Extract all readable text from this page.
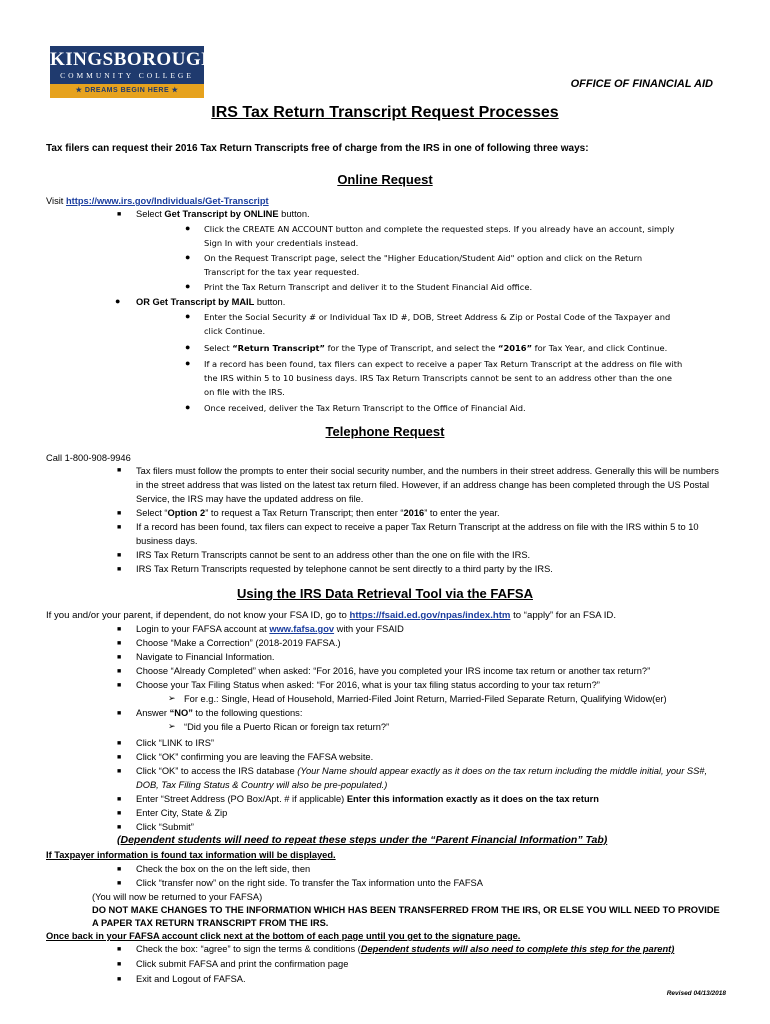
KINGSBOROUGH
COMMUNITY COLLEGE
★ DREAMS BEGIN HERE ★
OFFICE OF FINANCIAL AID
IRS Tax Return Transcript Request Processes
Tax filers can request their 2016 Tax Return Transcripts free of charge from the IRS in one of following three ways:
Online Request
Visit https://www.irs.gov/Individuals/Get-Transcript
■ Select Get Transcript by ONLINE button.
● Click the CREATE AN ACCOUNT button and complete the requested steps. If you already have an account, simply
Sign In with your credentials instead.
● On the Request Transcript page, select the "Higher Education/Student Aid" option and click on the Return
Transcript for the tax year requested.
● Print the Tax Return Transcript and deliver it to the Student Financial Aid office.
● OR Get Transcript by MAIL button.
● Enter the Social Security # or Individual Tax ID #, DOB, Street Address & Zip or Postal Code of the Taxpayer and
click Continue.
● Select “Return Transcript” for the Type of Transcript, and select the “2016” for Tax Year, and click Continue.
● If a record has been found, tax filers can expect to receive a paper Tax Return Transcript at the address on file with
the IRS within 5 to 10 business days. IRS Tax Return Transcripts cannot be sent to an address other than the one
on file with the IRS.
● Once received, deliver the Tax Return Transcript to the Office of Financial Aid.
Telephone Request
Call 1-800-908-9946
■ Tax filers must follow the prompts to enter their social security number, and the numbers in their street address. Generally this will be numbers
in the street address that was listed on the latest tax return filed. However, if an address change has been completed through the US Postal
Service, the IRS may have the updated address on file.
■ Select “Option 2” to request a Tax Return Transcript; then enter “2016” to enter the year.
■ If a record has been found, tax filers can expect to receive a paper Tax Return Transcript at the address on file with the IRS within 5 to 10
business days.
■ IRS Tax Return Transcripts cannot be sent to an address other than the one on file with the IRS.
■ IRS Tax Return Transcripts requested by telephone cannot be sent directly to a third party by the IRS.
Using the IRS Data Retrieval Tool via the FAFSA
If you and/or your parent, if dependent, do not know your FSA ID, go to https://fsaid.ed.gov/npas/index.htm to “apply” for an FSA ID.
■ Login to your FAFSA account at www.fafsa.gov with your FSAID
■ Choose “Make a Correction” (2018-2019 FAFSA.)
■ Navigate to Financial Information.
■ Choose “Already Completed” when asked: “For 2016, have you completed your IRS income tax return or another tax return?”
■ Choose your Tax Filing Status when asked: “For 2016, what is your tax filing status according to your tax return?”
➢ For e.g.: Single, Head of Household, Married-Filed Joint Return, Married-Filed Separate Return, Qualifying Widow(er)
■ Answer “NO” to the following questions:
➢ “Did you file a Puerto Rican or foreign tax return?”
■ Click “LINK to IRS”
■ Click “OK” confirming you are leaving the FAFSA website.
■ Click “OK” to access the IRS database (Your Name should appear exactly as it does on the tax return including the middle initial, your SS#,
DOB, Tax Filing Status & Country will also be pre-populated.)
■ Enter “Street Address (PO Box/Apt. # if applicable) Enter this information exactly as it does on the tax return
■ Enter City, State & Zip
■ Click “Submit”
(Dependent students will need to repeat these steps under the “Parent Financial Information” Tab)
If Taxpayer information is found tax information will be displayed.
■ Check the box on the on the left side, then
■ Click “transfer now” on the right side. To transfer the Tax information unto the FAFSA
(You will now be returned to your FAFSA)
DO NOT MAKE CHANGES TO THE INFORMATION WHICH HAS BEEN TRANSFERRED FROM THE IRS, OR ELSE YOU WILL NEED TO PROVIDE
A PAPER TAX RETURN TRANSCRIPT FROM THE IRS.
Once back in your FAFSA account click next at the bottom of each page until you get to the signature page.
■ Check the box: “agree” to sign the terms & conditions (Dependent students will also need to complete this step for the parent)
■ Click submit FAFSA and print the confirmation page
■ Exit and Logout of FAFSA.
Revised 04/13/2018
